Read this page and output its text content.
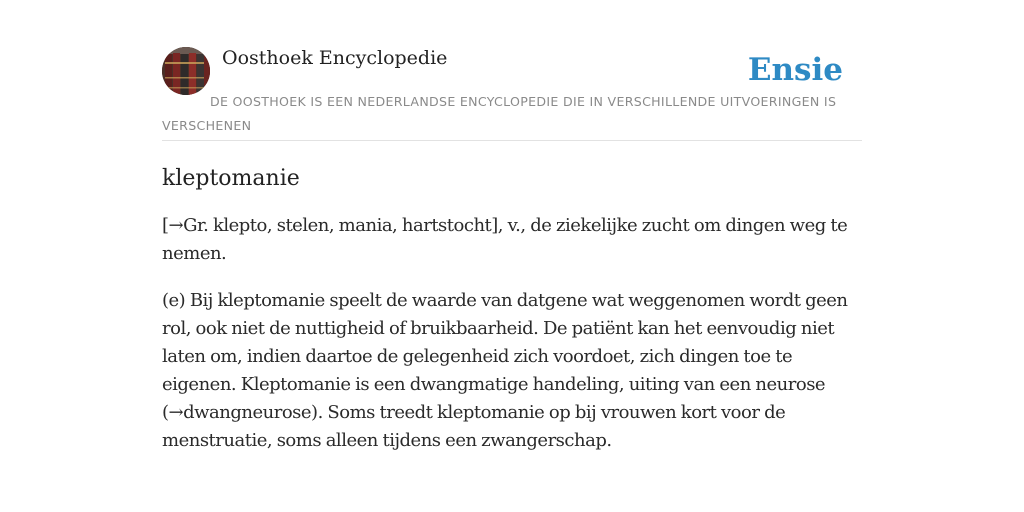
Oosthoek Encyclopedie	Ensie
DE OOSTHOEK IS EEN NEDERLANDSE ENCYCLOPEDIE DIE IN VERSCHILLENDE UITVOERINGEN IS VERSCHENEN
kleptomanie

[→Gr. klepto, stelen, mania, hartstocht], v., de ziekelijke zucht om dingen weg te nemen.

(e) Bij kleptomanie speelt de waarde van datgene wat weggenomen wordt geen rol, ook niet de nuttigheid of bruikbaarheid. De patiënt kan het eenvoudig niet laten om, indien daartoe de gelegenheid zich voordoet, zich dingen toe te eigenen. Kleptomanie is een dwangmatige handeling, uiting van een neurose (→dwangneurose). Soms treedt kleptomanie op bij vrouwen kort voor de menstruatie, soms alleen tijdens een zwangerschap.
